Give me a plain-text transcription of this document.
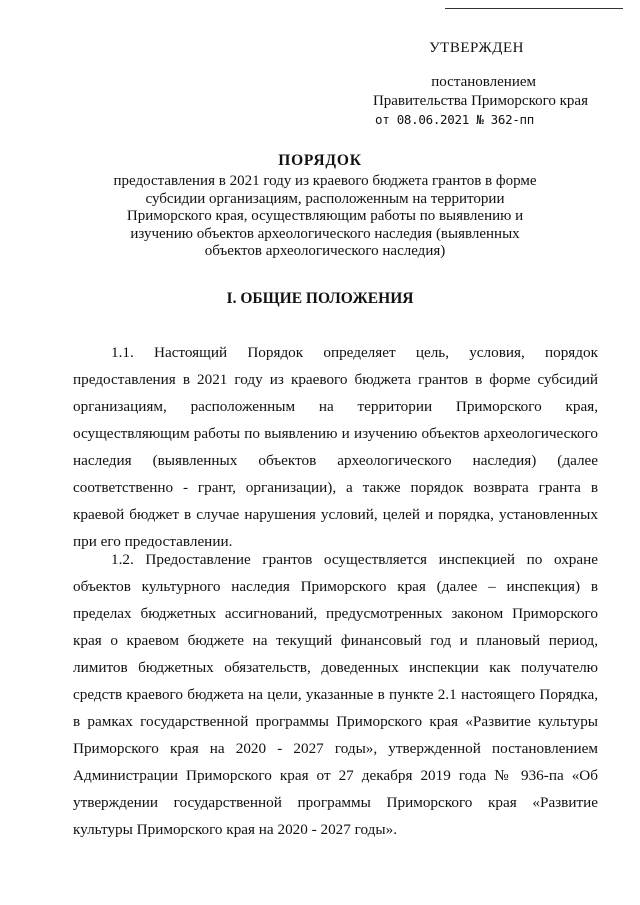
УТВЕРЖДЕН
постановлением
Правительства Приморского края
от 08.06.2021 № 362-пп
ПОРЯДОК
предоставления в 2021 году из краевого бюджета грантов в форме субсидии организациям, расположенным на территории Приморского края, осуществляющим работы по выявлению и изучению объектов археологического наследия (выявленных объектов археологического наследия)
I. ОБЩИЕ ПОЛОЖЕНИЯ
1.1. Настоящий Порядок определяет цель, условия, порядок предоставления в 2021 году из краевого бюджета грантов в форме субсидий организациям, расположенным на территории Приморского края, осуществляющим работы по выявлению и изучению объектов археологического наследия (выявленных объектов археологического наследия) (далее соответственно - грант, организации), а также порядок возврата гранта в краевой бюджет в случае нарушения условий, целей и порядка, установленных при его предоставлении.
1.2. Предоставление грантов осуществляется инспекцией по охране объектов культурного наследия Приморского края (далее – инспекция) в пределах бюджетных ассигнований, предусмотренных законом Приморского края о краевом бюджете на текущий финансовый год и плановый период, лимитов бюджетных обязательств, доведенных инспекции как получателю средств краевого бюджета на цели, указанные в пункте 2.1 настоящего Порядка, в рамках государственной программы Приморского края «Развитие культуры Приморского края на 2020 - 2027 годы», утвержденной постановлением Администрации Приморского края от 27 декабря 2019 года № 936-па «Об утверждении государственной программы Приморского края «Развитие культуры Приморского края на 2020 - 2027 годы».
